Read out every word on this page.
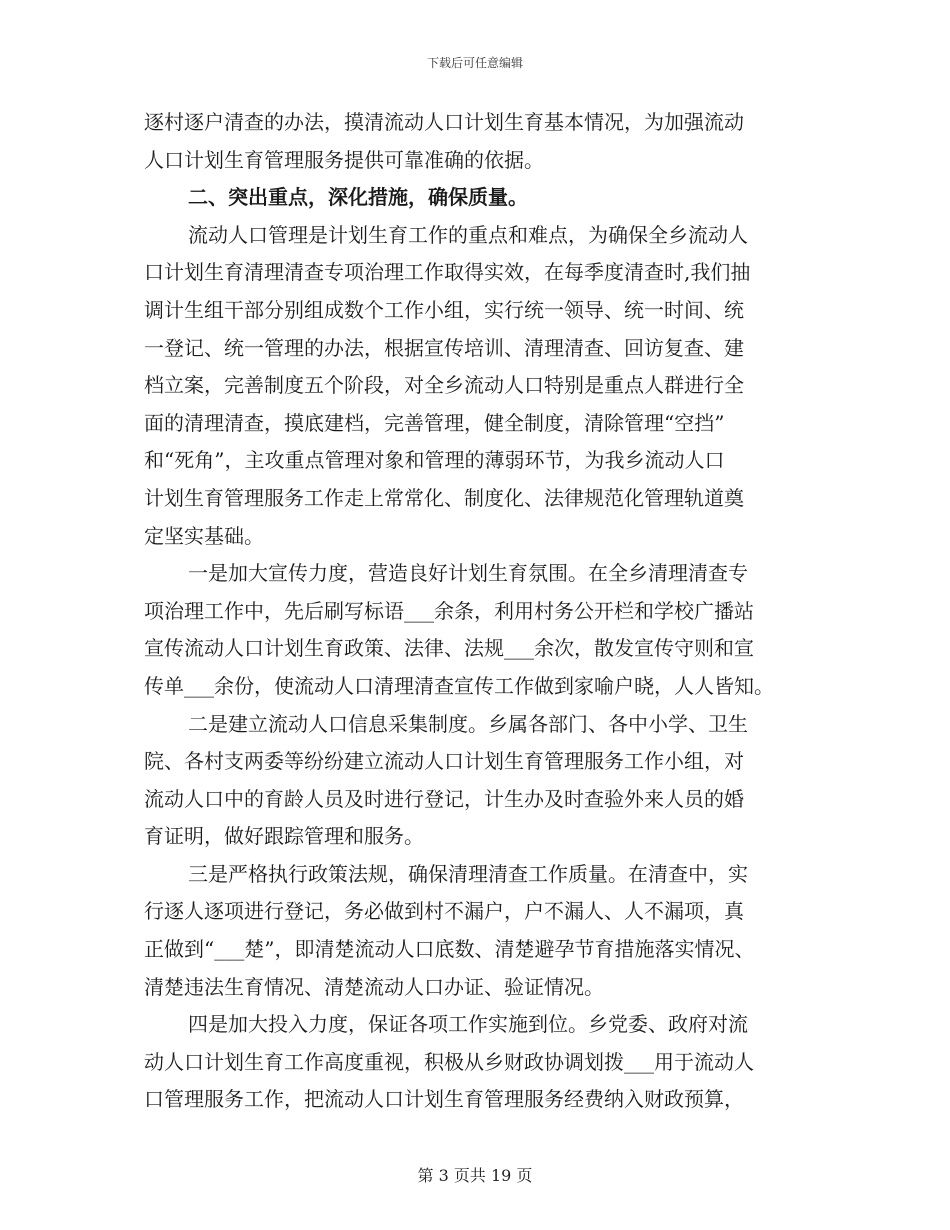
下载后可任意编辑
逐村逐户清查的办法，摸清流动人口计划生育基本情况，为加强流动
人口计划生育管理服务提供可靠准确的依据。
二、突出重点，深化措施，确保质量。
流动人口管理是计划生育工作的重点和难点，为确保全乡流动人
口计划生育清理清查专项治理工作取得实效，在每季度清查时,我们抽
调计生组干部分别组成数个工作小组，实行统一领导、统一时间、统
一登记、统一管理的办法，根据宣传培训、清理清查、回访复查、建
档立案，完善制度五个阶段，对全乡流动人口特别是重点人群进行全
面的清理清查，摸底建档，完善管理，健全制度，清除管理“空挡”
和“死角”，主攻重点管理对象和管理的薄弱环节，为我乡流动人口
计划生育管理服务工作走上常常化、制度化、法律规范化管理轨道奠
定坚实基础。
一是加大宣传力度，营造良好计划生育氛围。在全乡清理清查专
项治理工作中，先后刷写标语___余条，利用村务公开栏和学校广播站
宣传流动人口计划生育政策、法律、法规___余次，散发宣传守则和宣
传单___余份，使流动人口清理清查宣传工作做到家喻户晓，人人皆知。
二是建立流动人口信息采集制度。乡属各部门、各中小学、卫生
院、各村支两委等纷纷建立流动人口计划生育管理服务工作小组，对
流动人口中的育龄人员及时进行登记，计生办及时查验外来人员的婚
育证明，做好跟踪管理和服务。
三是严格执行政策法规，确保清理清查工作质量。在清查中，实
行逐人逐项进行登记，务必做到村不漏户，户不漏人、人不漏项，真
正做到“___楚”，即清楚流动人口底数、清楚避孕节育措施落实情况、
清楚违法生育情况、清楚流动人口办证、验证情况。
四是加大投入力度，保证各项工作实施到位。乡党委、政府对流
动人口计划生育工作高度重视，积极从乡财政协调划拨___用于流动人
口管理服务工作，把流动人口计划生育管理服务经费纳入财政预算，
第 3 页共 19 页
